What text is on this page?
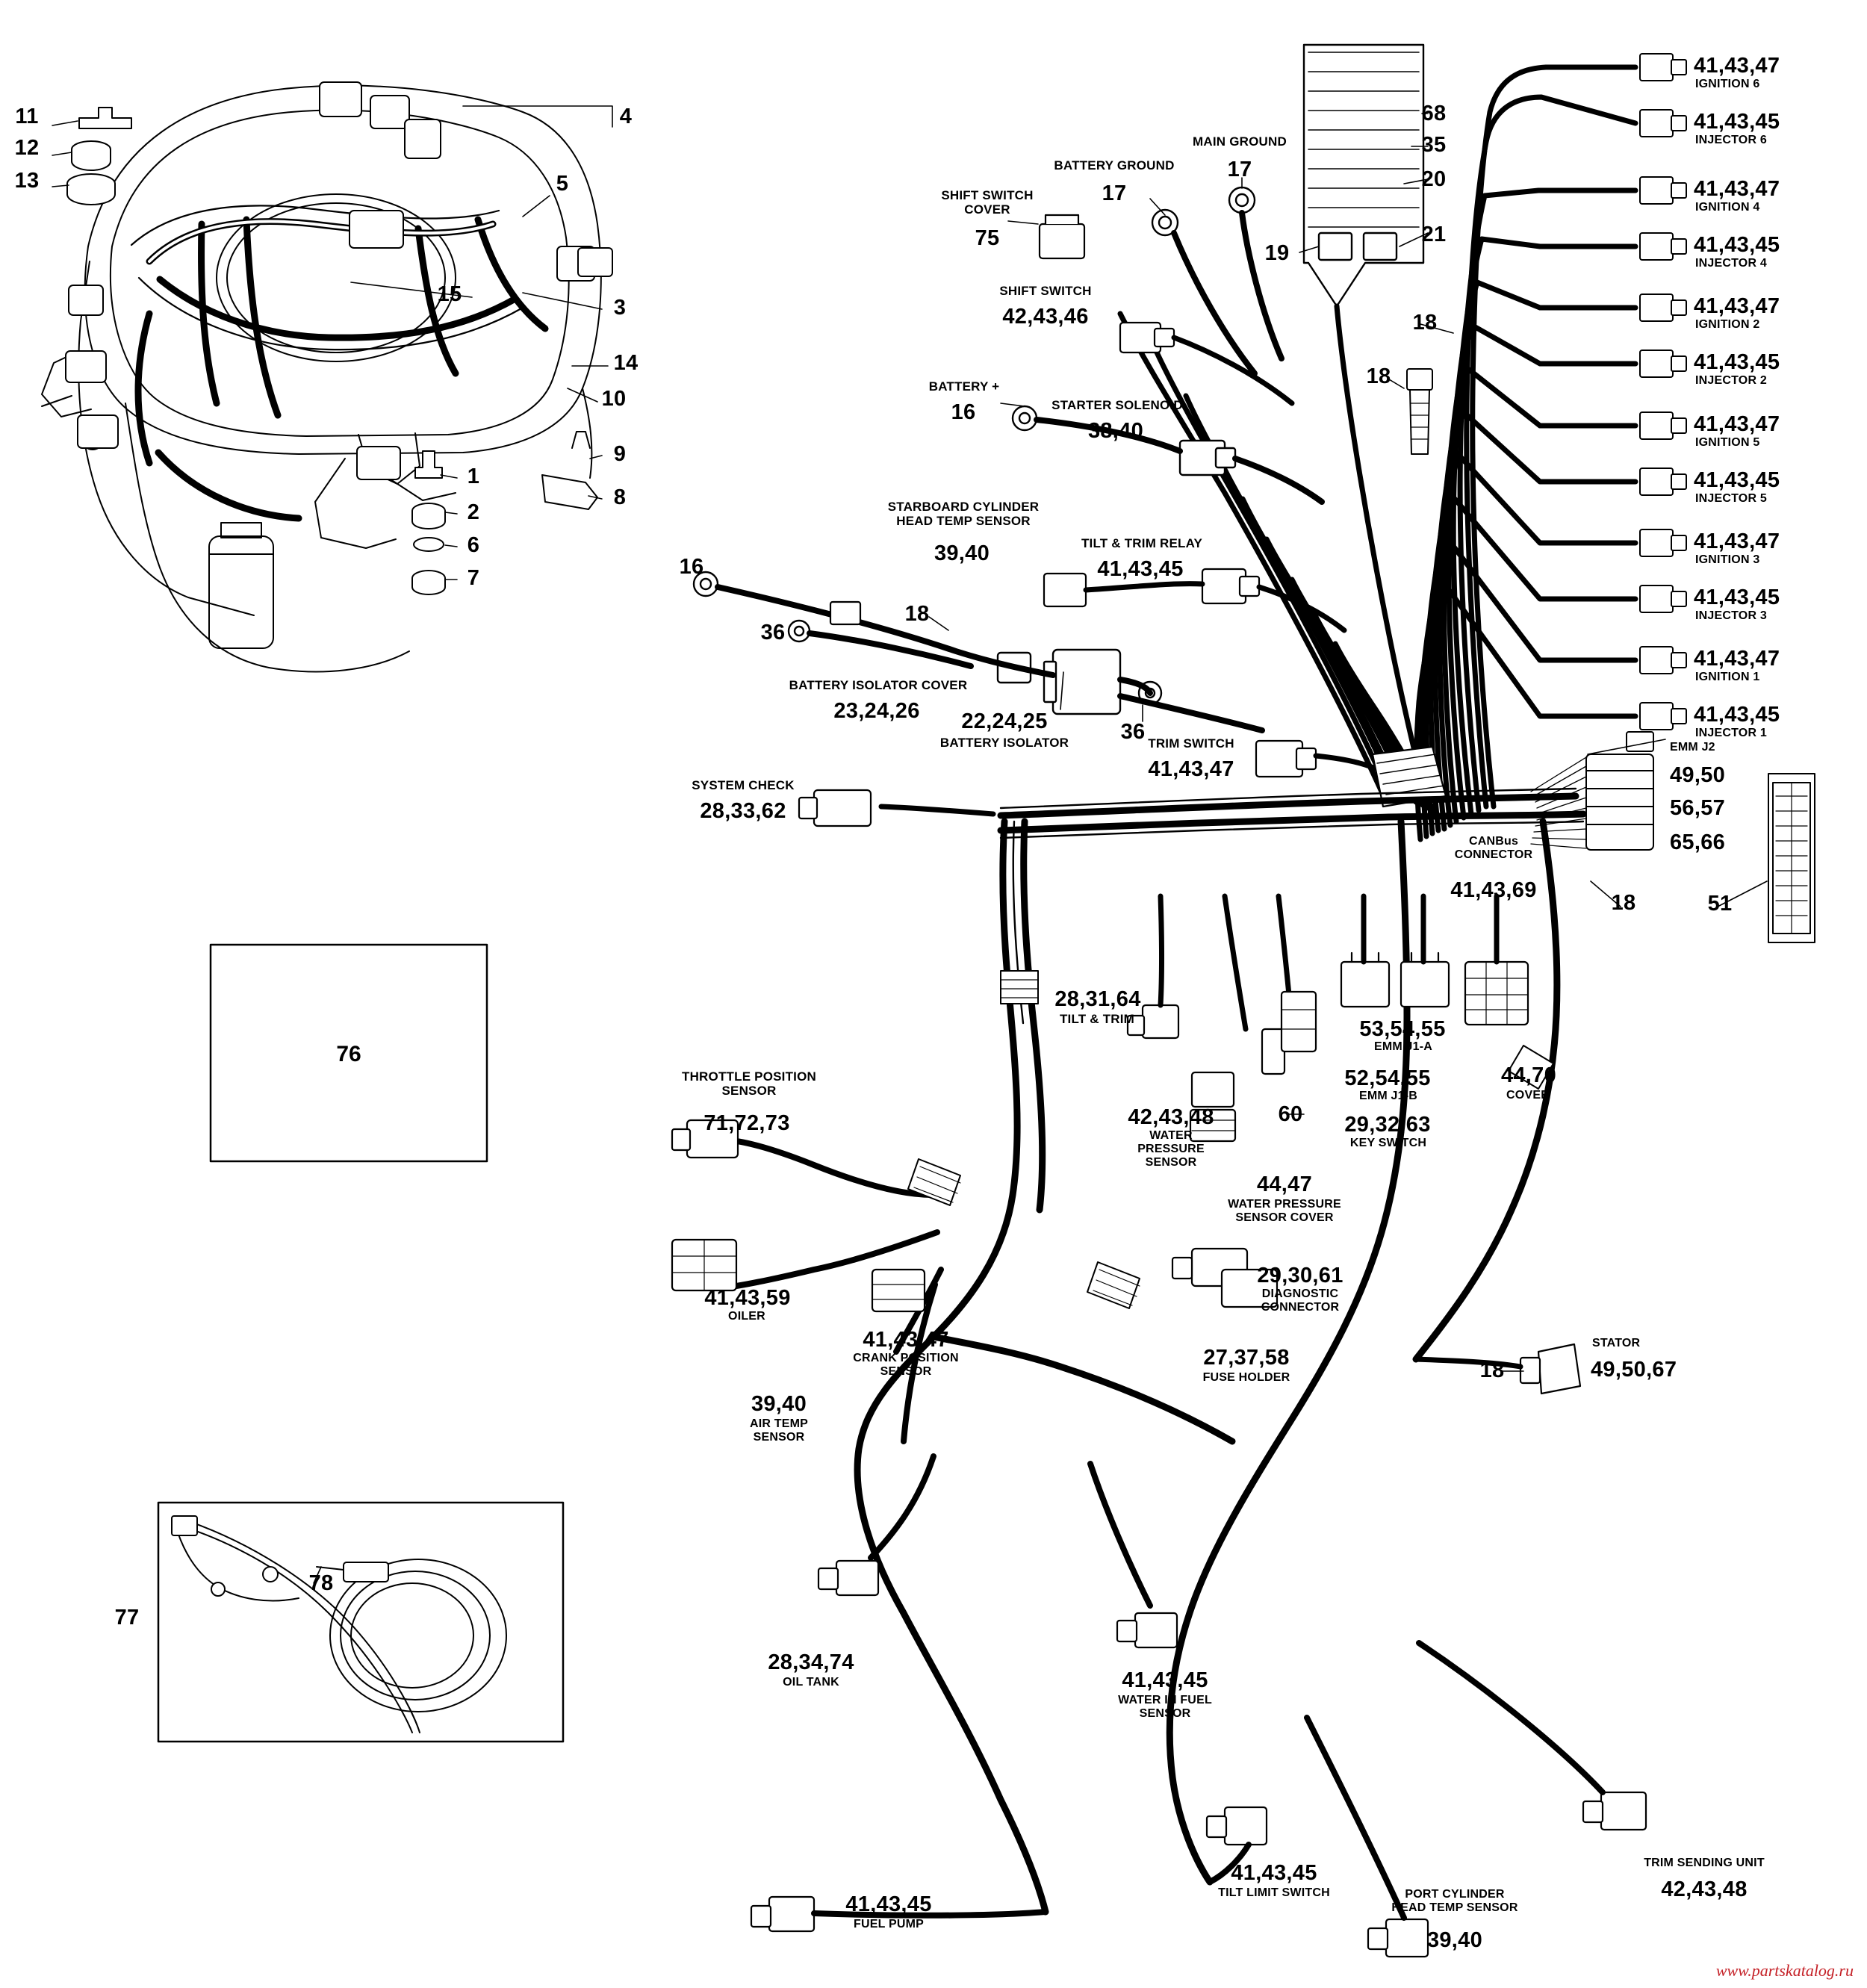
11
12
13
4
5
3
15
14
10
9
8
1
2
6
7
68
35
20
21
19
18
18
16
36
18
36
18	51
60
18
SHIFT SWITCH
COVER
75
BATTERY GROUND
17
MAIN GROUND
17
SHIFT SWITCH
42,43,46
BATTERY +
16	STARTER SOLENOID
38,40
STARBOARD CYLINDER
HEAD TEMP SENSOR
39,40	TILT & TRIM RELAY
41,43,45
BATTERY ISOLATOR COVER
23,24,26	22,24,25
BATTERY ISOLATOR	TRIM SWITCH
41,43,47
SYSTEM CHECK
28,33,62
28,31,64
TILT & TRIM
42,43,48
WATER
PRESSURE
SENSOR
44,47
WATER PRESSURE
SENSOR COVER
29,32,63
KEY SWITCH
52,54,55
EMM J1-B
53,54,55
EMM J1-A
CANBus
CONNECTOR
41,43,69
44,70
COVER
EMM J2
49,50
56,57
65,66
THROTTLE POSITION
SENSOR
71,72,73
41,43,59
OILER
39,40
AIR TEMP
SENSOR
41,43,47
CRANK POSITION
SENSOR
29,30,61
DIAGNOSTIC
CONNECTOR
27,37,58
FUSE HOLDER
STATOR
49,50,67
28,34,74
OIL TANK	41,43,45
WATER IN FUEL
SENSOR
41,43,45
FUEL PUMP
41,43,45
TILT LIMIT SWITCH	PORT CYLINDER
HEAD TEMP SENSOR
39,40
TRIM SENDING UNIT
42,43,48
41,43,47
IGNITION 6
41,43,45
INJECTOR 6
41,43,47
IGNITION 4
41,43,45
INJECTOR 4
41,43,47
IGNITION 2
41,43,45
INJECTOR 2
41,43,47
IGNITION 5
41,43,45
INJECTOR 5
41,43,47
IGNITION 3
41,43,45
INJECTOR 3
41,43,47
IGNITION 1
41,43,45
INJECTOR 1
76
77
78
www.partskatalog.ru
